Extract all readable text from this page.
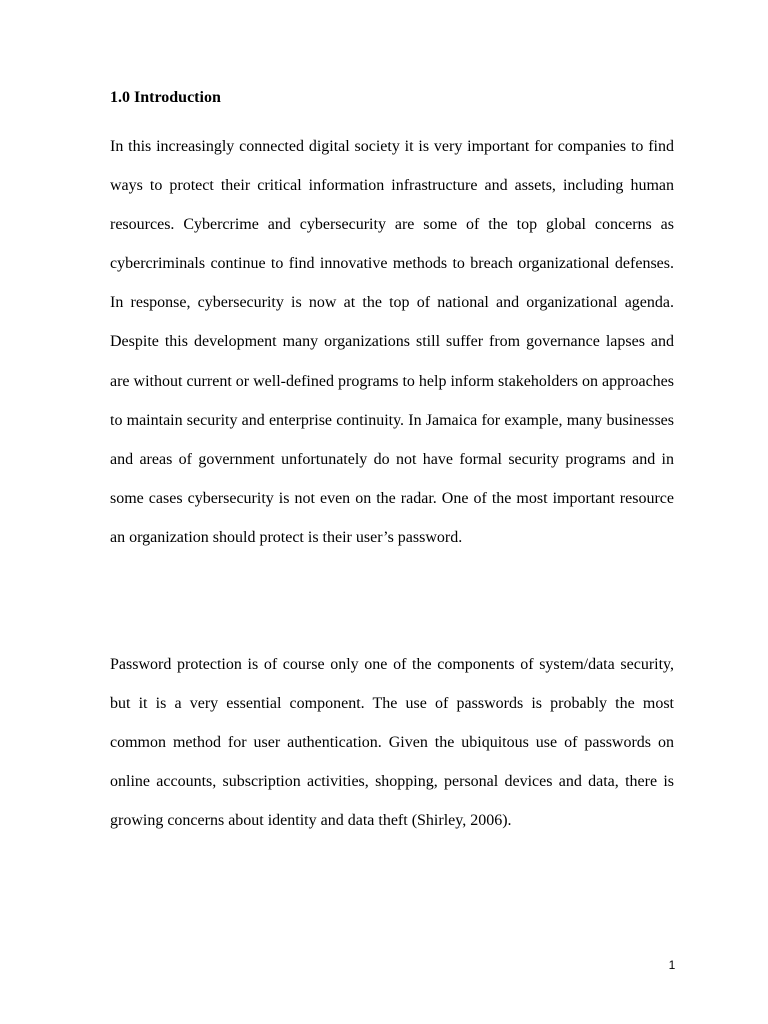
1.0 Introduction

In this increasingly connected digital society it is very important for companies to find ways to protect their critical information infrastructure and assets, including human resources. Cybercrime and cybersecurity are some of the top global concerns as cybercriminals continue to find innovative methods to breach organizational defenses. In response, cybersecurity is now at the top of national and organizational agenda. Despite this development many organizations still suffer from governance lapses and are without current or well-defined programs to help inform stakeholders on approaches to maintain security and enterprise continuity. In Jamaica for example, many businesses and areas of government unfortunately do not have formal security programs and in some cases cybersecurity is not even on the radar. One of the most important resource an organization should protect is their user’s password.

Password protection is of course only one of the components of system/data security, but it is a very essential component. The use of passwords is probably the most common method for user authentication. Given the ubiquitous use of passwords on online accounts, subscription activities, shopping, personal devices and data, there is growing concerns about identity and data theft (Shirley, 2006).

1
